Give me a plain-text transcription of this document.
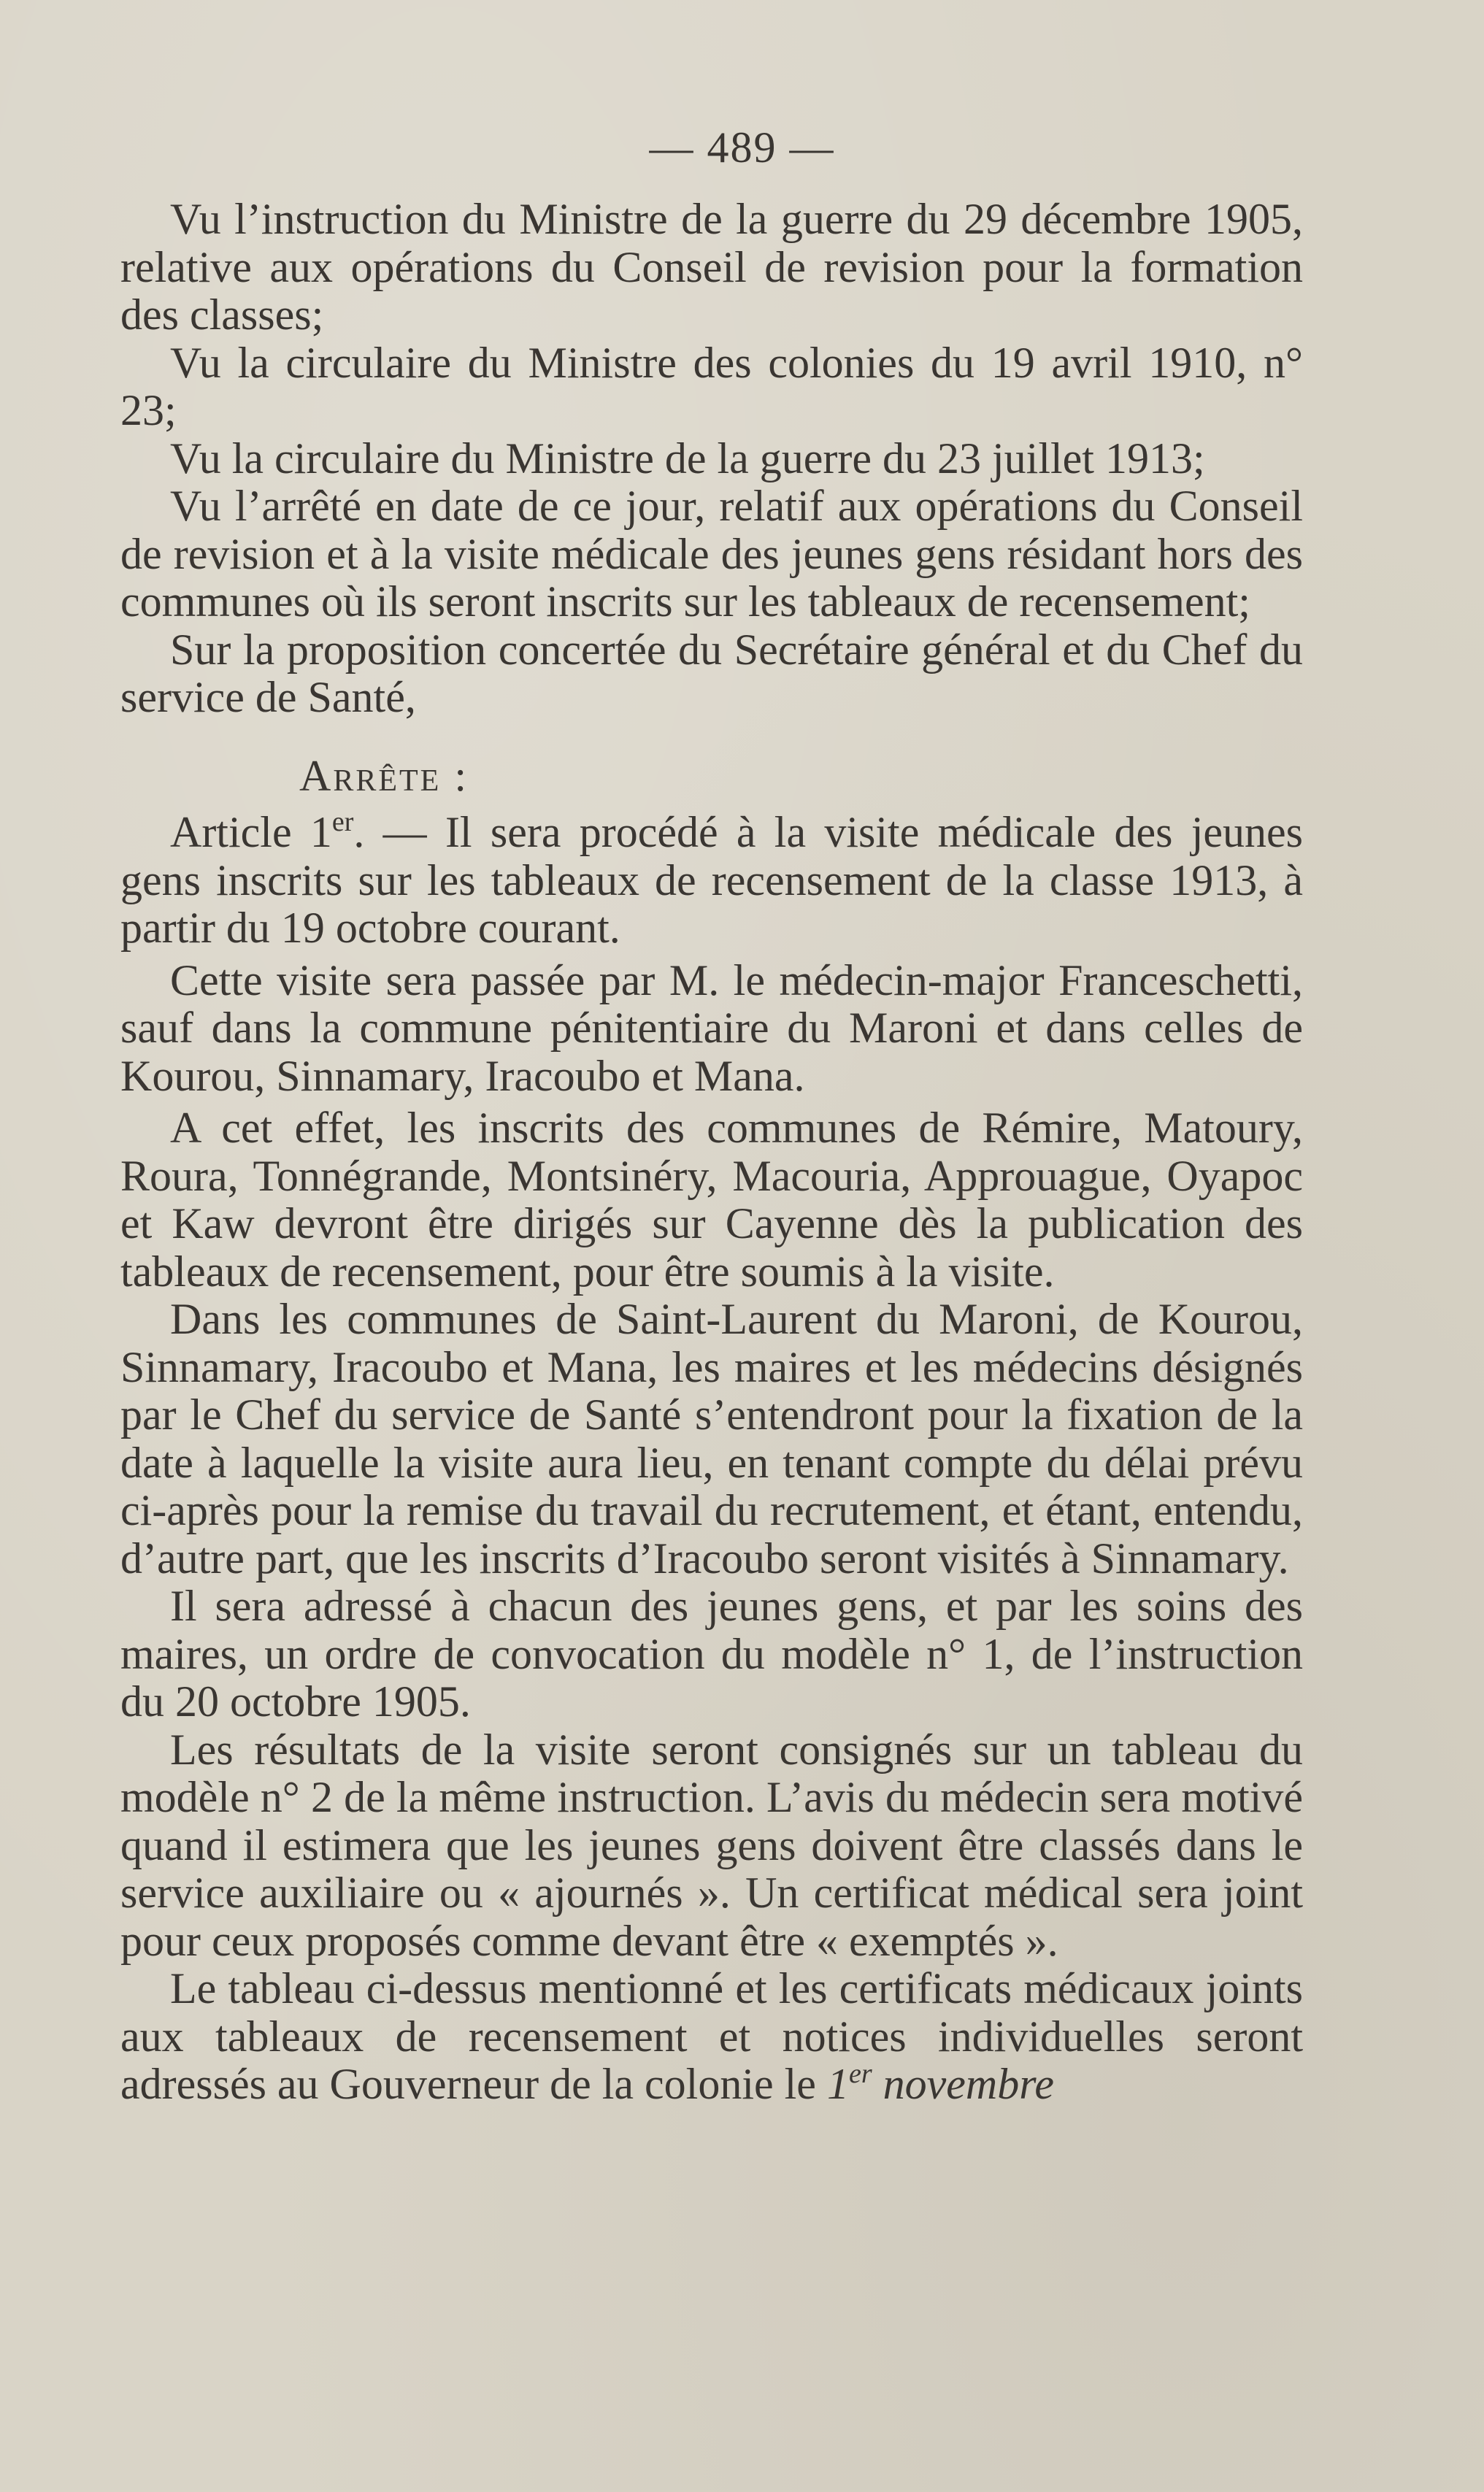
— 489 —

Vu l’instruction du Ministre de la guerre du 29 décembre 1905, relative aux opérations du Conseil de revision pour la formation des classes;

Vu la circulaire du Ministre des colonies du 19 avril 1910, n° 23;

Vu la circulaire du Ministre de la guerre du 23 juillet 1913;

Vu l’arrêté en date de ce jour, relatif aux opérations du Conseil de revision et à la visite médicale des jeunes gens résidant hors des communes où ils seront inscrits sur les tableaux de recensement;

Sur la proposition concertée du Secrétaire général et du Chef du service de Santé,

Arrête :

Article 1er. — Il sera procédé à la visite médicale des jeunes gens inscrits sur les tableaux de recensement de la classe 1913, à partir du 19 octobre courant.

Cette visite sera passée par M. le médecin-major Franceschetti, sauf dans la commune pénitentiaire du Maroni et dans celles de Kourou, Sinnamary, Iracoubo et Mana.

A cet effet, les inscrits des communes de Rémire, Matoury, Roura, Tonnégrande, Montsinéry, Macouria, Approuague, Oyapoc et Kaw devront être dirigés sur Cayenne dès la publication des tableaux de recensement, pour être soumis à la visite.

Dans les communes de Saint-Laurent du Maroni, de Kourou, Sinnamary, Iracoubo et Mana, les maires et les médecins désignés par le Chef du service de Santé s’entendront pour la fixation de la date à laquelle la visite aura lieu, en tenant compte du délai prévu ci-après pour la remise du travail du recrutement, et étant, entendu, d’autre part, que les inscrits d’Iracoubo seront visités à Sinnamary.

Il sera adressé à chacun des jeunes gens, et par les soins des maires, un ordre de convocation du modèle n° 1, de l’instruction du 20 octobre 1905.

Les résultats de la visite seront consignés sur un tableau du modèle n° 2 de la même instruction. L’avis du médecin sera motivé quand il estimera que les jeunes gens doivent être classés dans le service auxiliaire ou « ajournés ». Un certificat médical sera joint pour ceux proposés comme devant être « exemptés ».

Le tableau ci-dessus mentionné et les certificats médicaux joints aux tableaux de recensement et notices individuelles seront adressés au Gouverneur de la colonie le 1er novembre
